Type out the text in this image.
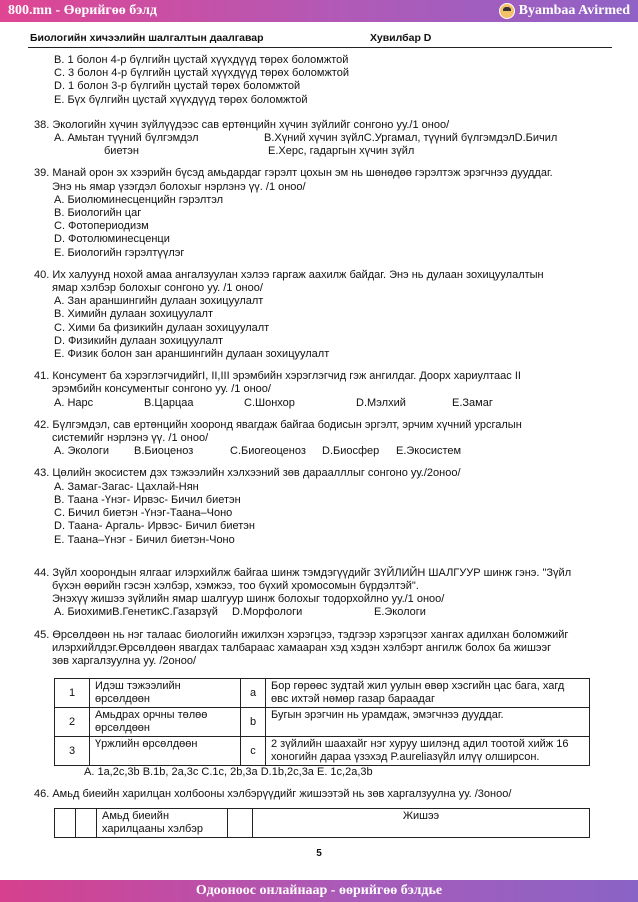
800.mn - Өөрийгөө бэлд	Byambaa Avirmed
Биологийн хичээлийн шалгалтын даалгавар	Хувилбар D
B. 1 болон 4-р бүлгийн цустай хүүхдүүд төрөх боломжтой
C. 3 болон 4-р бүлгийн цустай хүүхдүүд төрөх боломжтой
D. 1 болон 3-р бүлгийн цустай төрөх боломжтой
E. Бүх бүлгийн цустай хүүхдүүд төрөх боломжтой
38. Экологийн хүчин зүйлүүдээс сав ертөнцийн хүчин зүйлийг сонгоно уу./1 оноо/
A. Амьтан түүний бүлгэмдэл	B.Хүний хүчин зүйлC.Ургамал, түүний бүлгэмдэлD.Бичил
биетэн	E.Херс, гадаргын хүчин зүйл
39. Манай орон эх хээрийн бүсэд амьдардаг гэрэлт цохын эм нь шөнөдөө гэрэлтэж эрэгчнээ дууддаг.
Энэ нь ямар үзэгдэл болохыг нэрлэнэ үү. /1 оноо/
A. Биолюминесценцийн гэрэлтэл
B. Биологийн цаг
C. Фотопериодизм
D. Фотолюминесценци
E. Биологийн гэрэлтүүлэг
40. Их халуунд нохой амаа ангалзуулан хэлээ гаргаж аахилж байдаг. Энэ нь дулаан зохицуулалтын
ямар хэлбэр болохыг сонгоно уу. /1 оноо/
A. Зан араншингийн дулаан зохицуулалт
B. Химийн дулаан зохицуулалт
C. Хими ба физикийн дулаан зохицуулалт
D. Физикийн дулаан зохицуулалт
E. Физик болон зан араншингийн дулаан зохицуулалт
41. Консумент ба хэрэглэгчидийгI, II,III эрэмбийн хэрэглэгчид гэж ангилдаг. Доорх хариултаас II
эрэмбийн консументыг сонгоно уу. /1 оноо/
A. Нарс	B.Царцаа	C.Шонхор	D.Мэлхий	E.Замаг
42. Бүлгэмдэл, сав ертөнцийн хооронд явагдаж байгаа бодисын эргэлт, эрчим хүчний урсгалын
системийг нэрлэнэ үү. /1 оноо/
A. Экологи B.Биоценоз	C.Биогеоценоз D.Биосфер E.Экосистем
43. Цөлийн экосистем дэх тэжээлийн хэлхээний зөв дараалллыг сонгоно уу./2оноо/
A. Замаг-Загас- Цахлай-Нян
B. Таана -Үнэг- Ирвэс- Бичил биетэн
C. Бичил биетэн -Үнэг-Таана–Чоно
D. Таана- Аргаль- Ирвэс- Бичил биетэн
E. Таана–Үнэг - Бичил биетэн-Чоно
44. Зүйл хоорондын ялгааг илэрхийлж байгаа шинж тэмдэгүүдийг ЗҮЙЛИЙН ШАЛГУУР шинж гэнэ. "Зүйл
бүхэн өөрийн гэсэн хэлбэр, хэмжээ, тоо бүхий хромосомын бүрдэлтэй".
Энэхүү жишээ зүйлийн ямар шалгуур шинж болохыг тодорхойлно уу./1 оноо/
A. БиохимиB.ГенетикC.Газарзүй D.Морфологи	E.Экологи
45. Өрсөлдөөн нь нэг талаас биологийн ижилхэн хэрэгцээ, тэдгээр хэрэгцээг хангах адилхан боломжийг
илэрхийлдэг.Өрсөлдөөн явагдах талбараас хамааран хэд хэдэн хэлбэрт ангилж болох ба жишээг
зөв харгалзуулна уу. /2оноо/
1	Идэш тэжээлийн өрсөлдөөн	a	Бор гөрөөс зудтай жил уулын өвөр хэсгийн цас бага, хагд өвс ихтэй нөмөр газар бараадаг
2	Амьдрах орчны төлөө өрсөлдөөн	b	Бугын эрэгчин нь урамдаж, эмэгчнээ дууддаг.
3	Үржлийн өрсөлдөөн	c	2 зүйлийн шаахайг нэг хуруу шилэнд адил тоотой хийж 16 хоногийн дараа үзэхэд P.aureliaзүйл илүү олширсон.
A. 1а,2c,3b B.1b, 2a,3c C.1c, 2b,3a D.1b,2c,3a E. 1c,2a,3b
46. Амьд биеийн харилцан холбооны хэлбэрүүдийг жишээтэй нь зөв харгалзуулна уу. /3оноо/
		Амьд биеийн харилцааны хэлбэр		Жишээ
5
Одоонoос онлайнаар - өөрийгөө бэлдье
